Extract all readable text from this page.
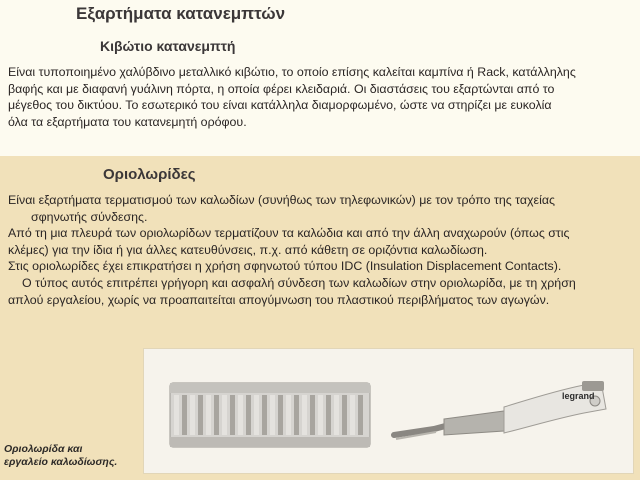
Εξαρτήματα κατανεμπτών
Κιβώτιο κατανεμπτή

Είναι τυποποιημένο χαλύβδινο μεταλλικό κιβώτιο, το οποίο επίσης καλείται καμπίνα ή Rack, κατάλληλης
βαφής και με διαφανή γυάλινη πόρτα, η οποία φέρει κλειδαριά. Οι διαστάσεις του εξαρτώνται από το
μέγεθος του δικτύου. Το εσωτερικό του είναι κατάλληλα διαμορφωμένο, ώστε να στηρίζει με ευκολία
όλα τα εξαρτήματα του κατανεμητή ορόφου.

Οριολωρίδες

Είναι εξαρτήματα τερματισμού των καλωδίων (συνήθως των τηλεφωνικών) με τον τρόπο της ταχείας
σφηνωτής σύνδεσης.
Από τη μια πλευρά των οριολωρίδων τερματίζουν τα καλώδια και από την άλλη αναχωρούν (όπως στις
κλέμες) για την ίδια ή για άλλες κατευθύνσεις, π.χ. από κάθετη σε οριζόντια καλωδίωση.
Στις οριολωρίδες έχει επικρατήσει η χρήση σφηνωτού τύπου IDC (Insulation Displacement Contacts).
Ο τύπος αυτός επιτρέπει γρήγορη και ασφαλή σύνδεση των καλωδίων στην οριολωρίδα, με τη χρήση
απλού εργαλείου, χωρίς να προαπαιτείται απογύμνωση του πλαστικού περιβλήματος των αγωγών.

legrand
Οριολωρίδα και
εργαλείο καλωδίωσης.
